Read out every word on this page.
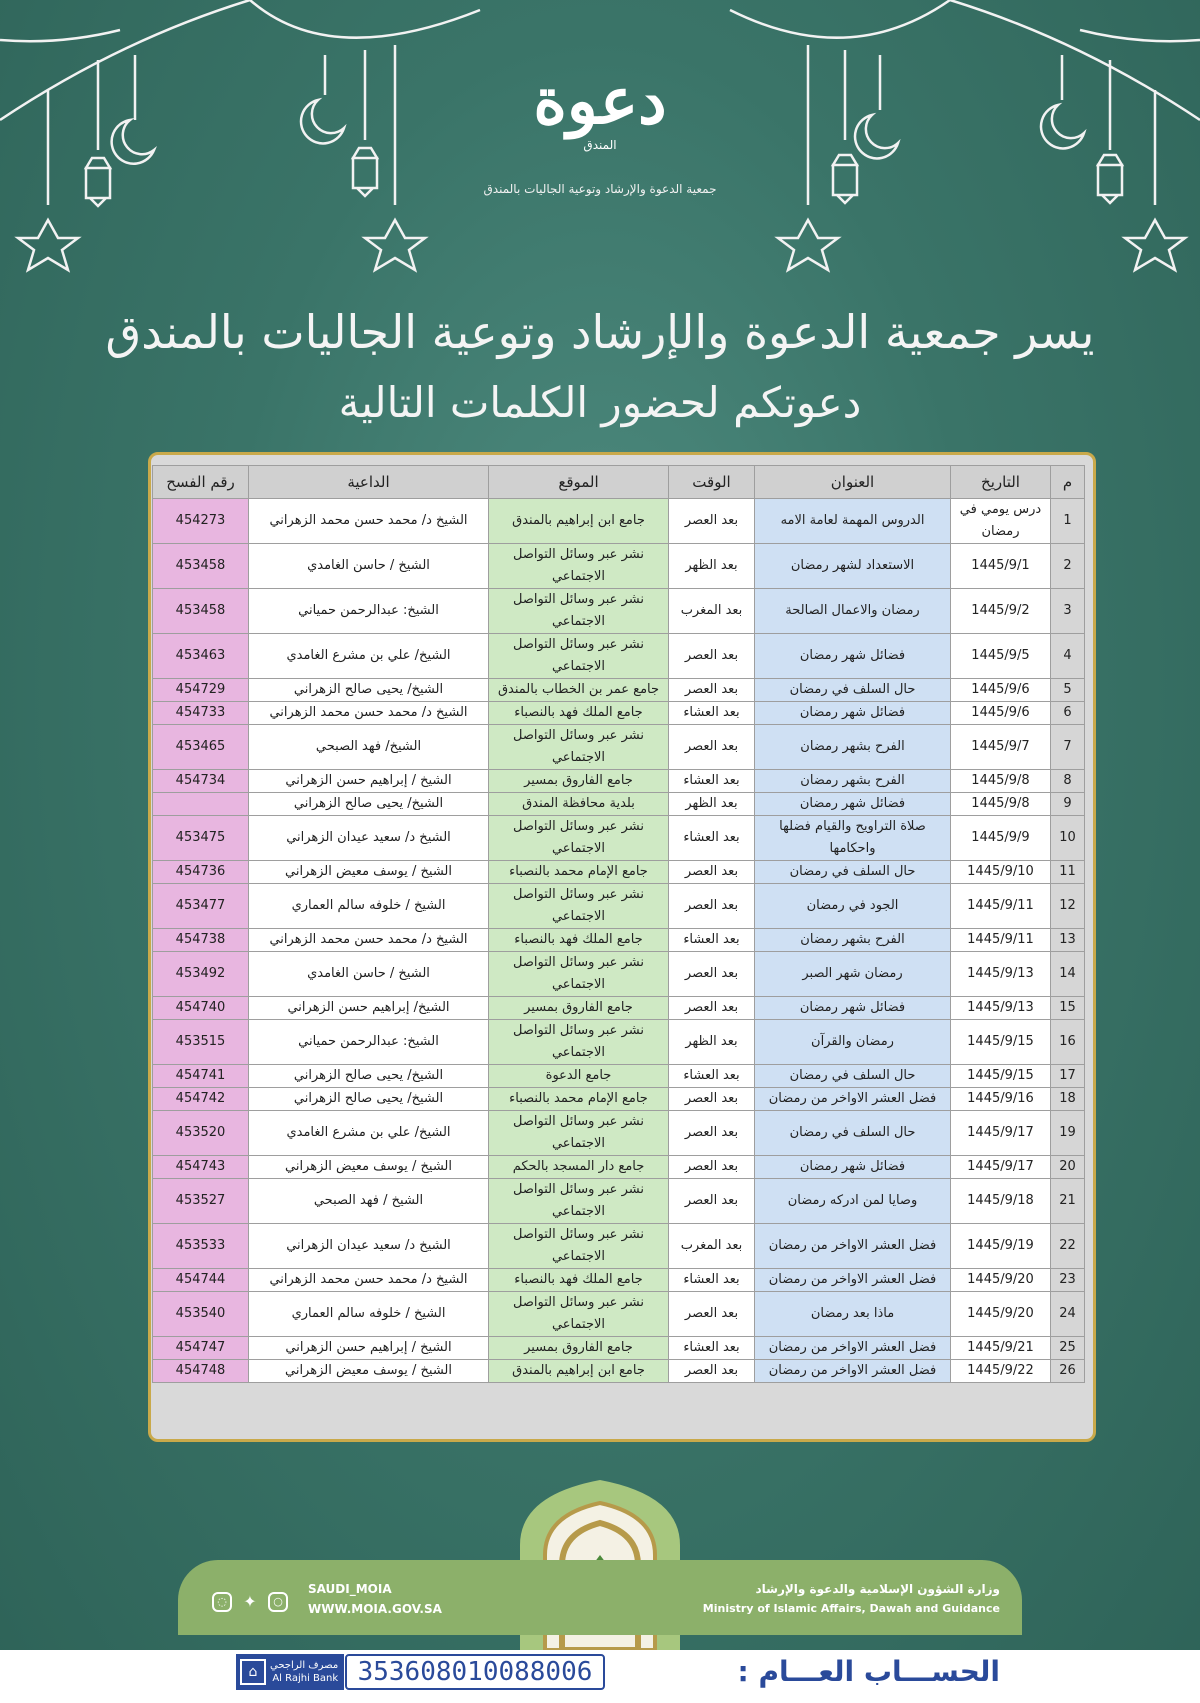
دعوة
المندق
جمعية الدعوة والإرشاد وتوعية الجاليات بالمندق
يسر جمعية الدعوة والإرشاد وتوعية الجاليات بالمندق
دعوتكم لحضور الكلمات التالية
م	التاريخ	العنوان	الوقت	الموقع	الداعية	رقم الفسح
1	درس يومي في رمضان	الدروس المهمة لعامة الامه	بعد العصر	جامع ابن إبراهيم بالمندق	الشيخ د/ محمد حسن محمد الزهراني	454273
2	1445/9/1	الاستعداد لشهر رمضان	بعد الظهر	نشر عبر وسائل التواصل الاجتماعي	الشيخ / حاسن الغامدي	453458
3	1445/9/2	رمضان والاعمال الصالحة	بعد المغرب	نشر عبر وسائل التواصل الاجتماعي	الشيخ: عبدالرحمن حمياني	453458
4	1445/9/5	فضائل شهر رمضان	بعد العصر	نشر عبر وسائل التواصل الاجتماعي	الشيخ/ علي بن مشرع الغامدي	453463
5	1445/9/6	حال السلف في رمضان	بعد العصر	جامع عمر بن الخطاب بالمندق	الشيخ/ يحيى صالح الزهراني	454729
6	1445/9/6	فضائل شهر رمضان	بعد العشاء	جامع الملك فهد بالنصباء	الشيخ د/ محمد حسن محمد الزهراني	454733
7	1445/9/7	الفرح بشهر رمضان	بعد العصر	نشر عبر وسائل التواصل الاجتماعي	الشيخ/ فهد الصبحي	453465
8	1445/9/8	الفرح بشهر رمضان	بعد العشاء	جامع الفاروق بمسير	الشيخ / إبراهيم حسن الزهراني	454734
9	1445/9/8	فضائل شهر رمضان	بعد الظهر	بلدية محافظة المندق	الشيخ/ يحيى صالح الزهراني	
10	1445/9/9	صلاة التراويح والقيام فضلها واحكامها	بعد العشاء	نشر عبر وسائل التواصل الاجتماعي	الشيخ د/ سعيد عيدان الزهراني	453475
11	1445/9/10	حال السلف في رمضان	بعد العصر	جامع الإمام محمد بالنصباء	الشيخ / يوسف معيض الزهراني	454736
12	1445/9/11	الجود في رمضان	بعد العصر	نشر عبر وسائل التواصل الاجتماعي	الشيخ / خلوفه سالم العماري	453477
13	1445/9/11	الفرح بشهر رمضان	بعد العشاء	جامع الملك فهد بالنصباء	الشيخ د/ محمد حسن محمد الزهراني	454738
14	1445/9/13	رمضان شهر الصبر	بعد العصر	نشر عبر وسائل التواصل الاجتماعي	الشيخ / حاسن الغامدي	453492
15	1445/9/13	فضائل شهر رمضان	بعد العصر	جامع الفاروق بمسير	الشيخ/ إبراهيم حسن الزهراني	454740
16	1445/9/15	رمضان والقرآن	بعد الظهر	نشر عبر وسائل التواصل الاجتماعي	الشيخ: عبدالرحمن حمياني	453515
17	1445/9/15	حال السلف في رمضان	بعد العشاء	جامع الدعوة	الشيخ/ يحيى صالح الزهراني	454741
18	1445/9/16	فضل العشر الاواخر من رمضان	بعد العصر	جامع الإمام محمد بالنصباء	الشيخ/ يحيى صالح الزهراني	454742
19	1445/9/17	حال السلف في رمضان	بعد العصر	نشر عبر وسائل التواصل الاجتماعي	الشيخ/ علي بن مشرع الغامدي	453520
20	1445/9/17	فضائل شهر رمضان	بعد العصر	جامع دار المسجد بالحكم	الشيخ / يوسف معيض الزهراني	454743
21	1445/9/18	وصايا لمن ادركه رمضان	بعد العصر	نشر عبر وسائل التواصل الاجتماعي	الشيخ / فهد الصبحي	453527
22	1445/9/19	فضل العشر الاواخر من رمضان	بعد المغرب	نشر عبر وسائل التواصل الاجتماعي	الشيخ د/ سعيد عيدان الزهراني	453533
23	1445/9/20	فضل العشر الاواخر من رمضان	بعد العشاء	جامع الملك فهد بالنصباء	الشيخ د/ محمد حسن محمد الزهراني	454744
24	1445/9/20	ماذا بعد رمضان	بعد العصر	نشر عبر وسائل التواصل الاجتماعي	الشيخ / خلوفه سالم العماري	453540
25	1445/9/21	فضل العشر الاواخر من رمضان	بعد العشاء	جامع الفاروق بمسير	الشيخ / إبراهيم حسن الزهراني	454747
26	1445/9/22	فضل العشر الاواخر من رمضان	بعد العصر	جامع ابن إبراهيم بالمندق	الشيخ / يوسف معيض الزهراني	454748
وزارة الشؤون الإسلامية والدعوة والإرشاد
Ministry of Islamic Affairs, Dawah and Guidance
SAUDI_MOIA
WWW.MOIA.GOV.SA
◌	✦	○
الحســـاب العـــام :
353608010088006
⌂	مصرف الراجحي
Al Rajhi Bank
